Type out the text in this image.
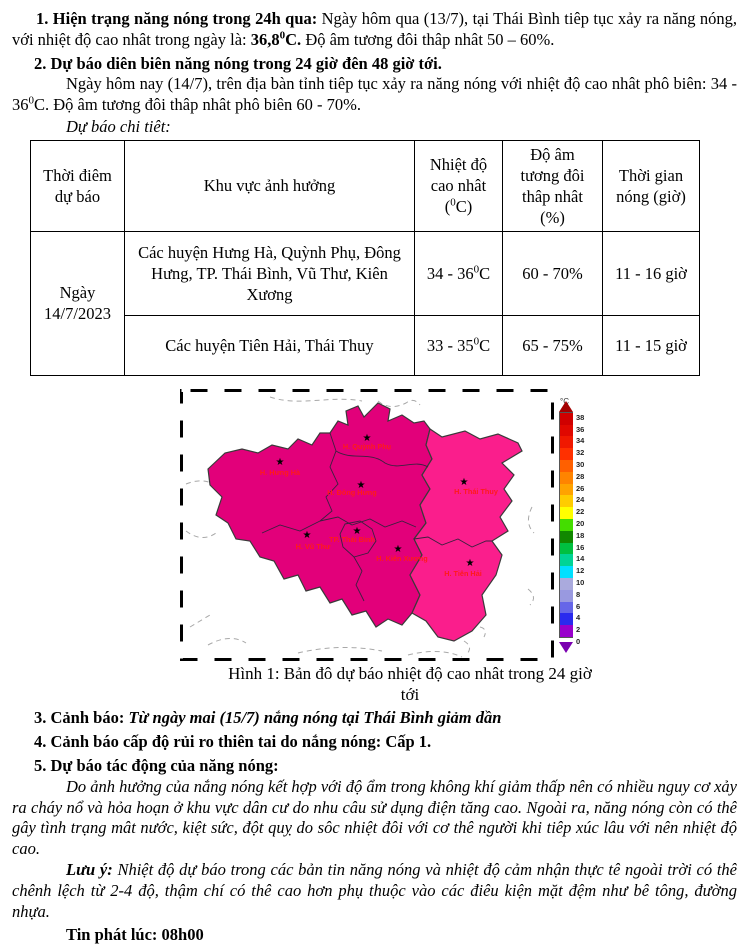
1. Hiện trạng năng nóng trong 24h qua: Ngày hôm qua (13/7), tại Thái Bình tiêp tục xảy ra năng nóng, với nhiệt độ cao nhât trong ngày là: 36,8$^0$C. Độ âm tương đôi thâp nhât 50 – 60%.

2. Dự báo diên biên năng nóng trong 24 giờ đên 48 giờ tới.

Ngày hôm nay (14/7), trên địa bàn tỉnh tiêp tục xảy ra năng nóng với nhiệt độ cao nhât phô biên: $34 - 36^0C$. Độ âm tương đôi thâp nhât phô biên 60 - 70%.

Dự báo chi tiêt:

Thời điêm dự báo	Khu vực ảnh hưởng	Nhiệt độ cao nhât ($^0$C)	Độ âm tương đôi thâp nhât (%)	Thời gian nóng (giờ)
Ngày 14/7/2023	Các huyện Hưng Hà, Quỳnh Phụ, Đông Hưng, TP. Thái Bình, Vũ Thư, Kiên Xương	$34 - 36^0C$	60 - 70%	11 - 16 giờ
	Các huyện Tiên Hải, Thái Thuy	$33 - 35^0C$	65 - 75%	11 - 15 giờ
★
★
★	★
★	★
★
★
H. Quỳnh Phụ
H. Hưng Hà
H. Đông Hưng	H. Thái Thuy
TP. Thái Bình
H. Vũ Thư
H. Kiên Xương
H. Tiên Hải
°C
38
36
34
32
30
28
26
24
22
20
18
16
14
12
10
8
6
4
2
0
Hình 1: Bản đô dự báo nhiệt độ cao nhât trong 24 giờ tới

3. Cảnh báo: Từ ngày mai (15/7) nắng nóng tại Thái Bình giảm dần

4. Cảnh báo cấp độ rủi ro thiên tai do nắng nóng: Cấp 1.

5. Dự báo tác động của năng nóng:

Do ảnh hưởng của nắng nóng kết hợp với độ ẩm trong không khí giảm thấp nên có nhiều nguy cơ xảy ra cháy nổ và hỏa hoạn ở khu vực dân cư do nhu câu sử dụng điện tăng cao. Ngoài ra, năng nóng còn có thê gây tình trạng mât nước, kiệt sức, đột quỵ do sôc nhiệt đôi với cơ thê người khi tiêp xúc lâu với nên nhiệt độ cao.

Lưu ý: Nhiệt độ dự báo trong các bản tin năng nóng và nhiệt độ cảm nhận thực tê ngoài trời có thê chênh lệch từ 2-4 độ, thậm chí có thê cao hơn phụ thuộc vào các điêu kiện mặt đệm như bê tông, đường nhựa.

Tin phát lúc: 08h00
